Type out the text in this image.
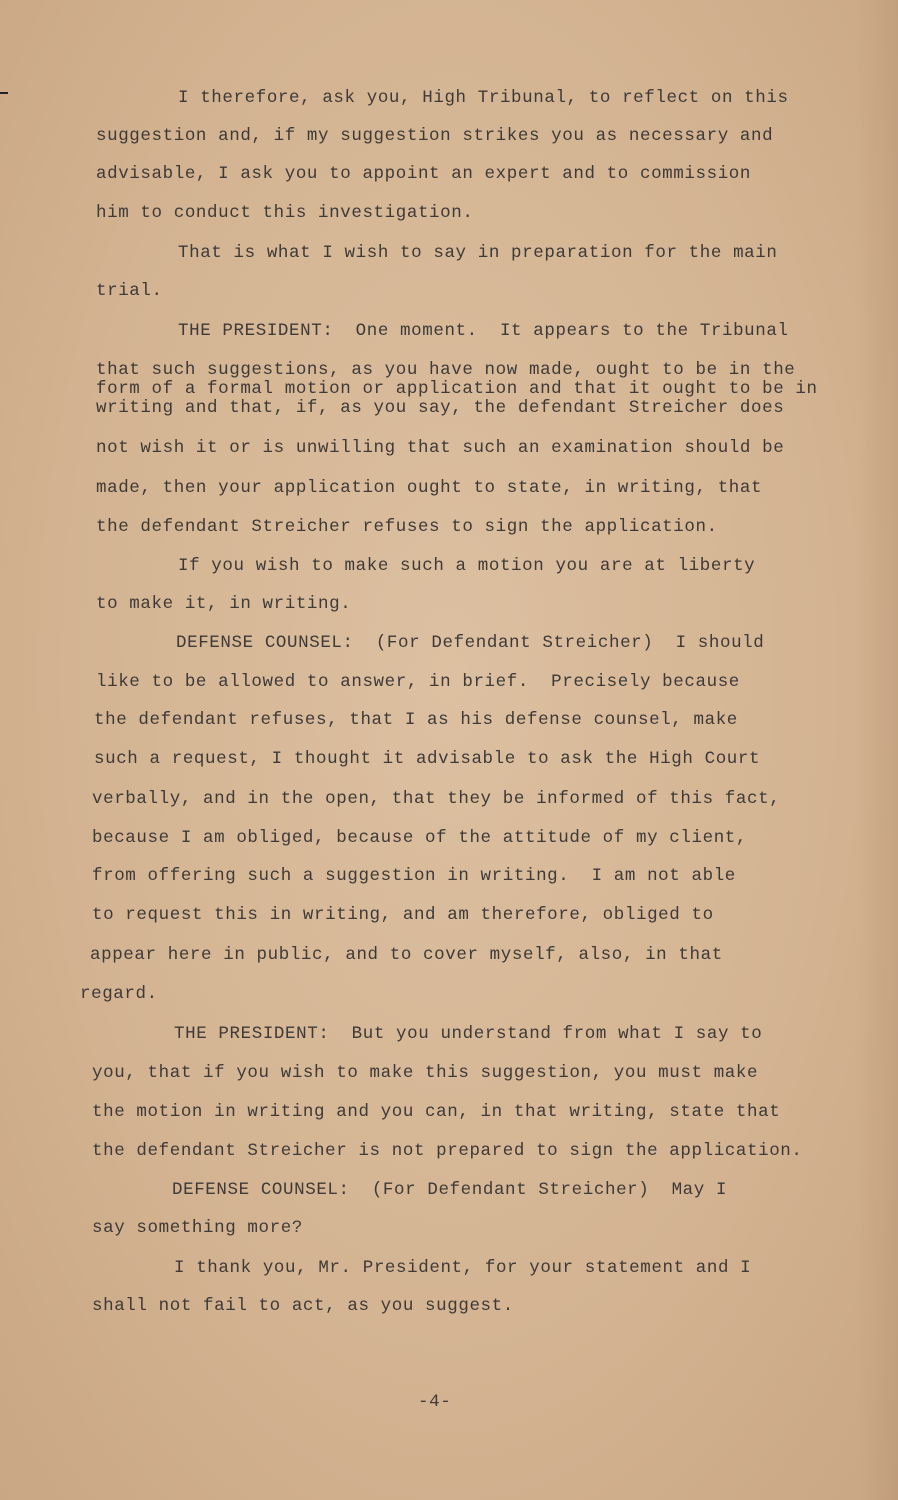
I therefore, ask you, High Tribunal, to reflect on this
suggestion and, if my suggestion strikes you as necessary and
advisable, I ask you to appoint an expert and to commission
him to conduct this investigation.
That is what I wish to say in preparation for the main
trial.
THE PRESIDENT:  One moment.  It appears to the Tribunal
that such suggestions, as you have now made, ought to be in the
form of a formal motion or application and that it ought to be in
writing and that, if, as you say, the defendant Streicher does
not wish it or is unwilling that such an examination should be
made, then your application ought to state, in writing, that
the defendant Streicher refuses to sign the application.
If you wish to make such a motion you are at liberty
to make it, in writing.
DEFENSE COUNSEL:  (For Defendant Streicher)  I should
like to be allowed to answer, in brief.  Precisely because
the defendant refuses, that I as his defense counsel, make
such a request, I thought it advisable to ask the High Court
verbally, and in the open, that they be informed of this fact,
because I am obliged, because of the attitude of my client,
from offering such a suggestion in writing.  I am not able
to request this in writing, and am therefore, obliged to
appear here in public, and to cover myself, also, in that
regard.
THE PRESIDENT:  But you understand from what I say to
you, that if you wish to make this suggestion, you must make
the motion in writing and you can, in that writing, state that
the defendant Streicher is not prepared to sign the application.
DEFENSE COUNSEL:  (For Defendant Streicher)  May I
say something more?
I thank you, Mr. President, for your statement and I
shall not fail to act, as you suggest.
-4-
